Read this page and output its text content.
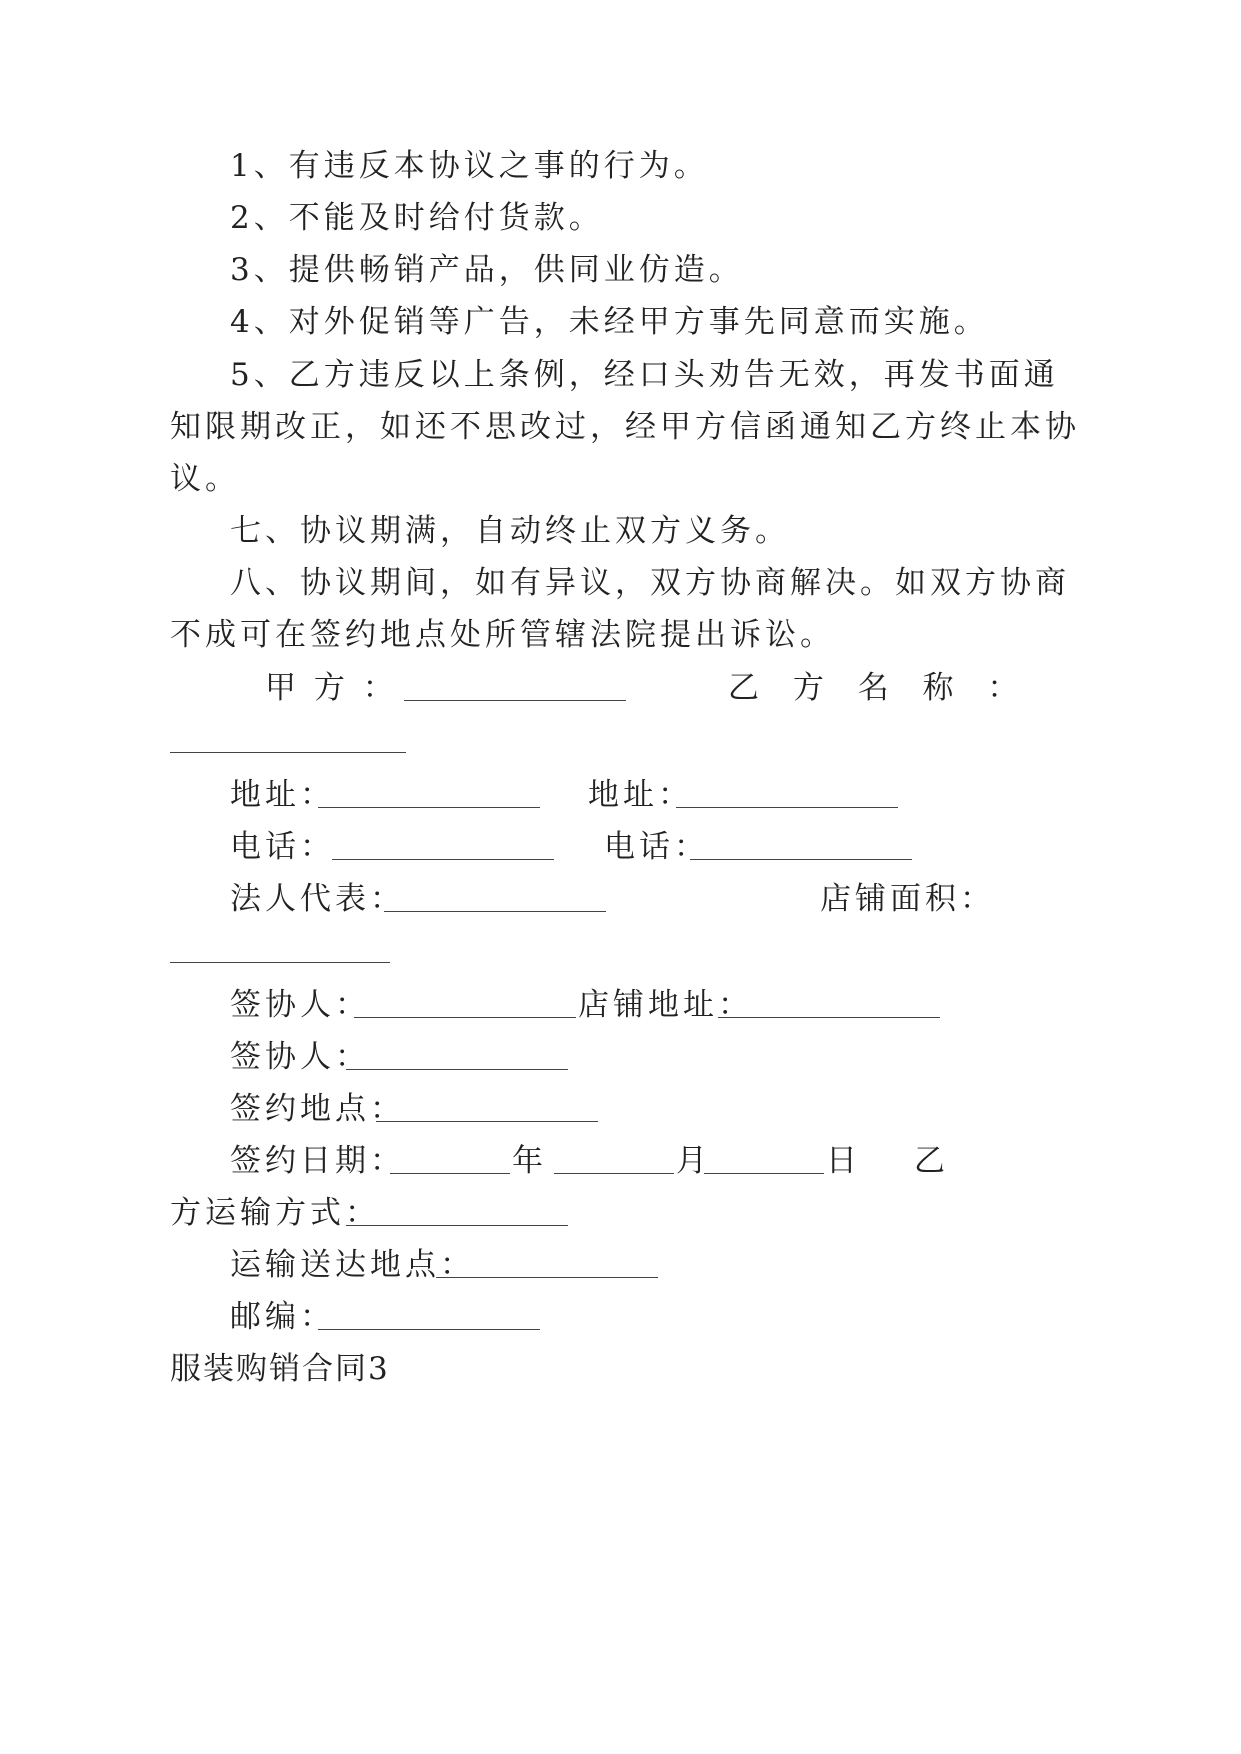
1、有违反本协议之事的行为。
2、不能及时给付货款。
3、提供畅销产品，供同业仿造。
4、对外促销等广告，未经甲方事先同意而实施。
5、乙方违反以上条例，经口头劝告无效，再发书面通
知限期改正，如还不思改过，经甲方信函通知乙方终止本协
议。
七、协议期满，自动终止双方义务。
八、协议期间，如有异议，双方协商解决。如双方协商
不成可在签约地点处所管辖法院提出诉讼。
甲 方 ：	乙 方 名 称 ：
地址：	地址：
电话：	电话：
法人代表：	店铺面积：
签协人：	店铺地址：
签协人：
签约地点：
签约日期：	年	月	日 乙
方运输方式：
运输送达地点：
邮编：
服装购销合同3
